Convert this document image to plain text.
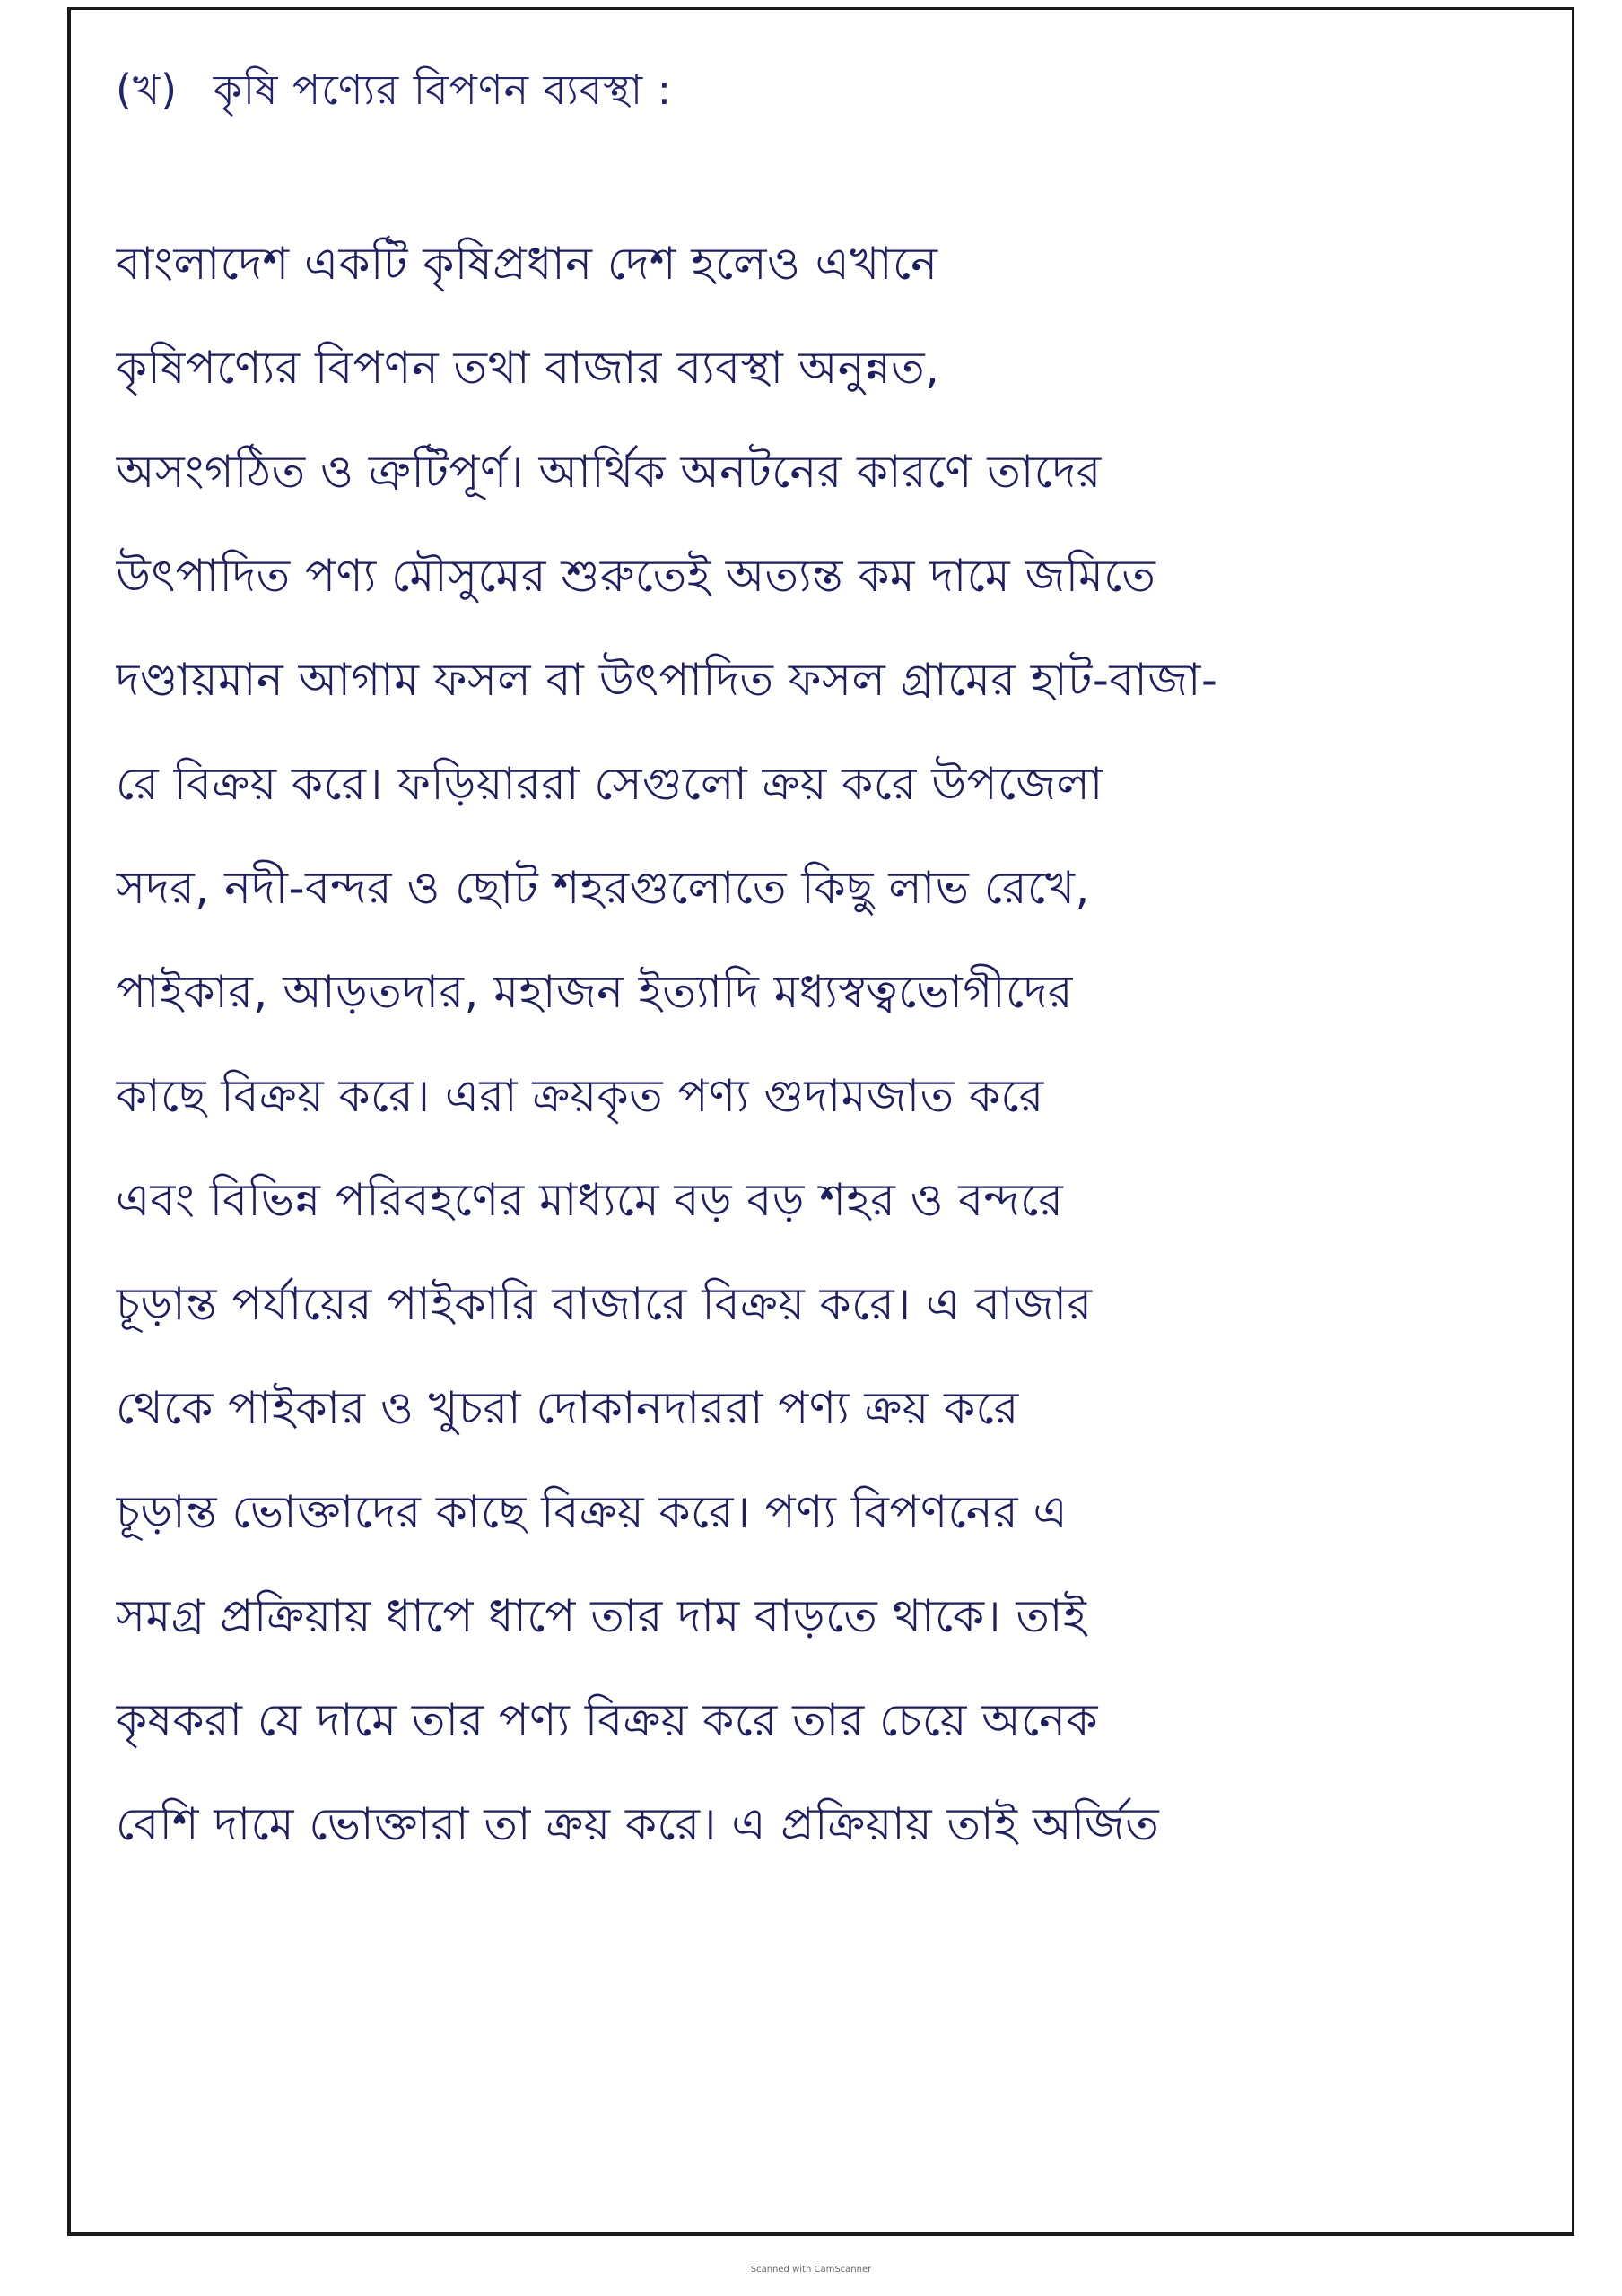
(খ) কৃষি পণ্যের বিপণন ব্যবস্থা :
বাংলাদেশ একটি কৃষিপ্রধান দেশ হলেও এখানে
কৃষিপণ্যের বিপণন তথা বাজার ব্যবস্থা অনুন্নত,
অসংগঠিত ও ত্রুটিপূর্ণ। আর্থিক অনটনের কারণে তাদের
উৎপাদিত পণ্য মৌসুমের শুরুতেই অত্যন্ত কম দামে জমিতে
দণ্ডায়মান আগাম ফসল বা উৎপাদিত ফসল গ্রামের হাট-বাজা-
রে বিক্রয় করে। ফড়িয়াররা সেগুলো ক্রয় করে উপজেলা
সদর, নদী-বন্দর ও ছোট শহরগুলোতে কিছু লাভ রেখে,
পাইকার, আড়তদার, মহাজন ইত্যাদি মধ্যস্বত্বভোগীদের
কাছে বিক্রয় করে। এরা ক্রয়কৃত পণ্য গুদামজাত করে
এবং বিভিন্ন পরিবহণের মাধ্যমে বড় বড় শহর ও বন্দরে
চূড়ান্ত পর্যায়ের পাইকারি বাজারে বিক্রয় করে। এ বাজার
থেকে পাইকার ও খুচরা দোকানদাররা পণ্য ক্রয় করে
চূড়ান্ত ভোক্তাদের কাছে বিক্রয় করে। পণ্য বিপণনের এ
সমগ্র প্রক্রিয়ায় ধাপে ধাপে তার দাম বাড়তে থাকে। তাই
কৃষকরা যে দামে তার পণ্য বিক্রয় করে তার চেয়ে অনেক
বেশি দামে ভোক্তারা তা ক্রয় করে। এ প্রক্রিয়ায় তাই অর্জিত
Scanned with CamScanner
